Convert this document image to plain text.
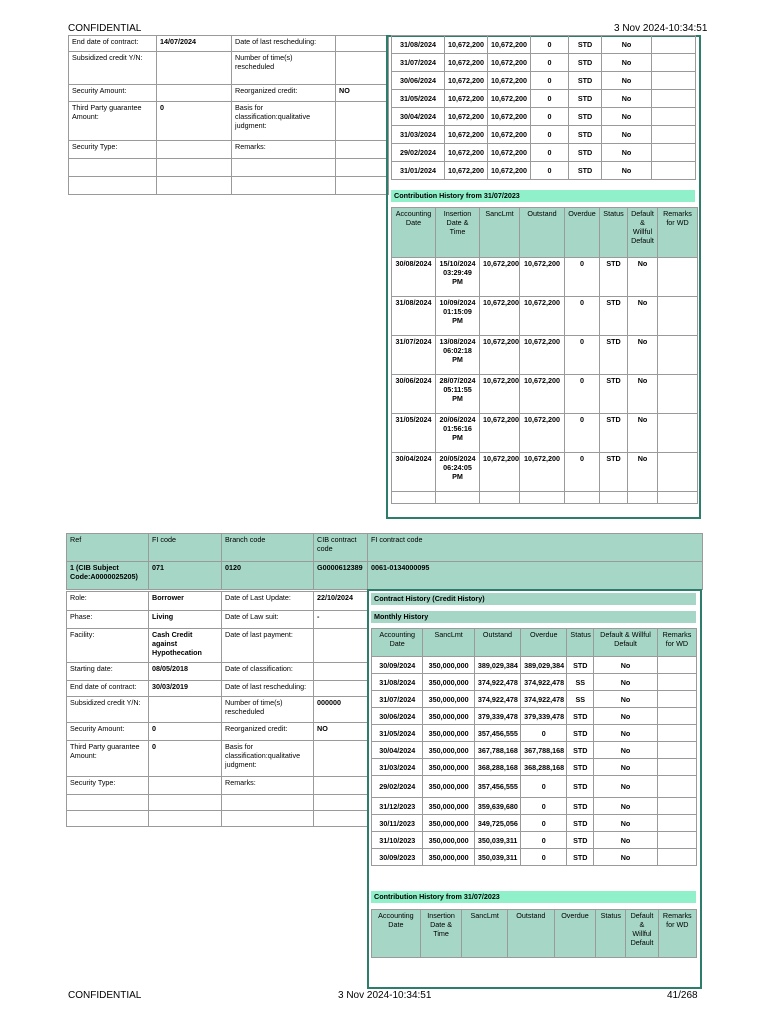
CONFIDENTIAL	3 Nov 2024-10:34:51
End date of contract:	14/07/2024	Date of last rescheduling:	
Subsidized credit Y/N:		Number of time(s) rescheduled	
Security Amount:		Reorganized credit:	NO
Third Party guarantee Amount:	0	Basis for classification:qualitative judgment:	
Security Type:		Remarks:	

31/08/2024	10,672,200	10,672,200	0	STD	No	
31/07/2024	10,672,200	10,672,200	0	STD	No	
30/06/2024	10,672,200	10,672,200	0	STD	No	
31/05/2024	10,672,200	10,672,200	0	STD	No	
30/04/2024	10,672,200	10,672,200	0	STD	No	
31/03/2024	10,672,200	10,672,200	0	STD	No	
29/02/2024	10,672,200	10,672,200	0	STD	No	
31/01/2024	10,672,200	10,672,200	0	STD	No	
Contribution History from 31/07/2023
Accounting Date	Insertion Date & Time	SancLmt	Outstand	Overdue	Status	Default & Willful Default	Remarks for WD
30/08/2024	15/10/2024 03:29:49 PM	10,672,200	10,672,200	0	STD	No	
31/08/2024	10/09/2024 01:15:09 PM	10,672,200	10,672,200	0	STD	No	
31/07/2024	13/08/2024 06:02:18 PM	10,672,200	10,672,200	0	STD	No	
30/06/2024	28/07/2024 05:11:55 PM	10,672,200	10,672,200	0	STD	No	
31/05/2024	20/06/2024 01:56:16 PM	10,672,200	10,672,200	0	STD	No	
30/04/2024	20/05/2024 06:24:05 PM	10,672,200	10,672,200	0	STD	No	

Ref	FI code	Branch code	CIB contract code	FI contract code
1 (CIB Subject Code:A0000025205)	071	0120	G0000612389	0061-0134000095
Role:	Borrower	Date of Last Update:	22/10/2024
Phase:	Living	Date of Law suit:	-
Facility:	Cash Credit against Hypothecation	Date of last payment:	
Starting date:	08/05/2018	Date of classification:	
End date of contract:	30/03/2019	Date of last rescheduling:	
Subsidized credit Y/N:		Number of time(s) rescheduled	000000
Security Amount:	0	Reorganized credit:	NO
Third Party guarantee Amount:	0	Basis for classification:qualitative judgment:	
Security Type:		Remarks:	

Contract History (Credit History)
Monthly History
Accounting Date	SancLmt	Outstand	Overdue	Status	Default & Willful Default	Remarks for WD
30/09/2024	350,000,000	389,029,384	389,029,384	STD	No	
31/08/2024	350,000,000	374,922,478	374,922,478	SS	No	
31/07/2024	350,000,000	374,922,478	374,922,478	SS	No	
30/06/2024	350,000,000	379,339,478	379,339,478	STD	No	
31/05/2024	350,000,000	357,456,555	0	STD	No	
30/04/2024	350,000,000	367,788,168	367,788,168	STD	No	
31/03/2024	350,000,000	368,288,168	368,288,168	STD	No	
29/02/2024	350,000,000	357,456,555	0	STD	No	
31/12/2023	350,000,000	359,639,680	0	STD	No	
30/11/2023	350,000,000	349,725,056	0	STD	No	
31/10/2023	350,000,000	350,039,311	0	STD	No	
30/09/2023	350,000,000	350,039,311	0	STD	No	
Contribution History from 31/07/2023
Accounting Date	Insertion Date & Time	SancLmt	Outstand	Overdue	Status	Default & Willful Default	Remarks for WD
CONFIDENTIAL	3 Nov 2024-10:34:51	41/268
